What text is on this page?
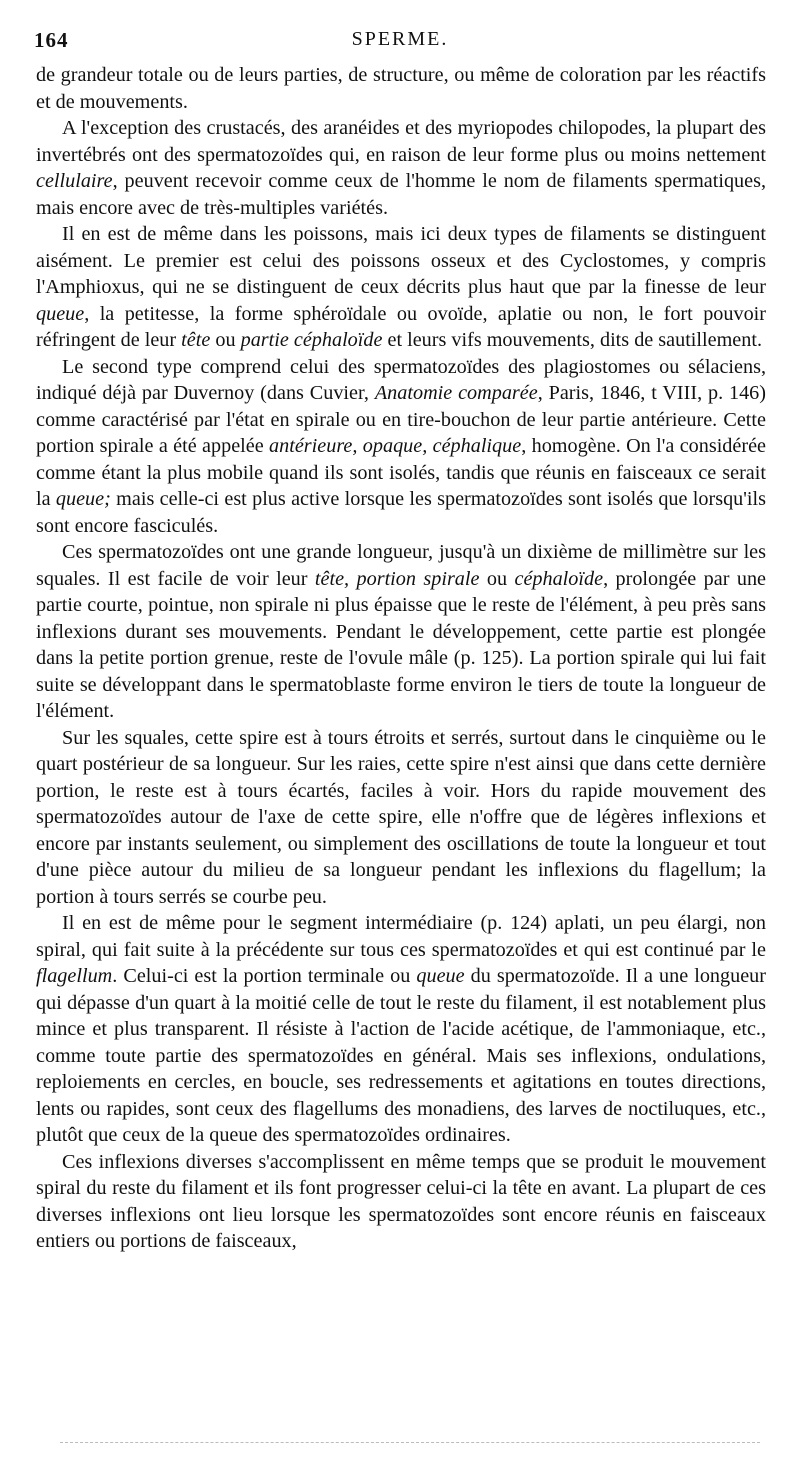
164	SPERME.

de grandeur totale ou de leurs parties, de structure, ou même de coloration par les réactifs et de mouvements.

A l'exception des crustacés, des aranéides et des myriopodes chilopodes, la plupart des invertébrés ont des spermatozoïdes qui, en raison de leur forme plus ou moins nettement cellulaire, peuvent recevoir comme ceux de l'homme le nom de filaments spermatiques, mais encore avec de très-multiples variétés.

Il en est de même dans les poissons, mais ici deux types de filaments se distinguent aisément. Le premier est celui des poissons osseux et des Cyclostomes, y compris l'Amphioxus, qui ne se distinguent de ceux décrits plus haut que par la finesse de leur queue, la petitesse, la forme sphéroïdale ou ovoïde, aplatie ou non, le fort pouvoir réfringent de leur tête ou partie céphaloïde et leurs vifs mouvements, dits de sautillement.

Le second type comprend celui des spermatozoïdes des plagiostomes ou sélaciens, indiqué déjà par Duvernoy (dans Cuvier, Anatomie comparée, Paris, 1846, t VIII, p. 146) comme caractérisé par l'état en spirale ou en tire-bouchon de leur partie antérieure. Cette portion spirale a été appelée antérieure, opaque, céphalique, homogène. On l'a considérée comme étant la plus mobile quand ils sont isolés, tandis que réunis en faisceaux ce serait la queue; mais celle-ci est plus active lorsque les spermatozoïdes sont isolés que lorsqu'ils sont encore fasciculés.

Ces spermatozoïdes ont une grande longueur, jusqu'à un dixième de millimètre sur les squales. Il est facile de voir leur tête, portion spirale ou céphaloïde, prolongée par une partie courte, pointue, non spirale ni plus épaisse que le reste de l'élément, à peu près sans inflexions durant ses mouvements. Pendant le développement, cette partie est plongée dans la petite portion grenue, reste de l'ovule mâle (p. 125). La portion spirale qui lui fait suite se développant dans le spermatoblaste forme environ le tiers de toute la longueur de l'élément.

Sur les squales, cette spire est à tours étroits et serrés, surtout dans le cinquième ou le quart postérieur de sa longueur. Sur les raies, cette spire n'est ainsi que dans cette dernière portion, le reste est à tours écartés, faciles à voir. Hors du rapide mouvement des spermatozoïdes autour de l'axe de cette spire, elle n'offre que de légères inflexions et encore par instants seulement, ou simplement des oscillations de toute la longueur et tout d'une pièce autour du milieu de sa longueur pendant les inflexions du flagellum; la portion à tours serrés se courbe peu.

Il en est de même pour le segment intermédiaire (p. 124) aplati, un peu élargi, non spiral, qui fait suite à la précédente sur tous ces spermatozoïdes et qui est continué par le flagellum. Celui-ci est la portion terminale ou queue du spermatozoïde. Il a une longueur qui dépasse d'un quart à la moitié celle de tout le reste du filament, il est notablement plus mince et plus transparent. Il résiste à l'action de l'acide acétique, de l'ammoniaque, etc., comme toute partie des spermatozoïdes en général. Mais ses inflexions, ondulations, reploiements en cercles, en boucle, ses redressements et agitations en toutes directions, lents ou rapides, sont ceux des flagellums des monadiens, des larves de noctiluques, etc., plutôt que ceux de la queue des spermatozoïdes ordinaires.

Ces inflexions diverses s'accomplissent en même temps que se produit le mouvement spiral du reste du filament et ils font progresser celui-ci la tête en avant. La plupart de ces diverses inflexions ont lieu lorsque les spermatozoïdes sont encore réunis en faisceaux entiers ou portions de faisceaux,
